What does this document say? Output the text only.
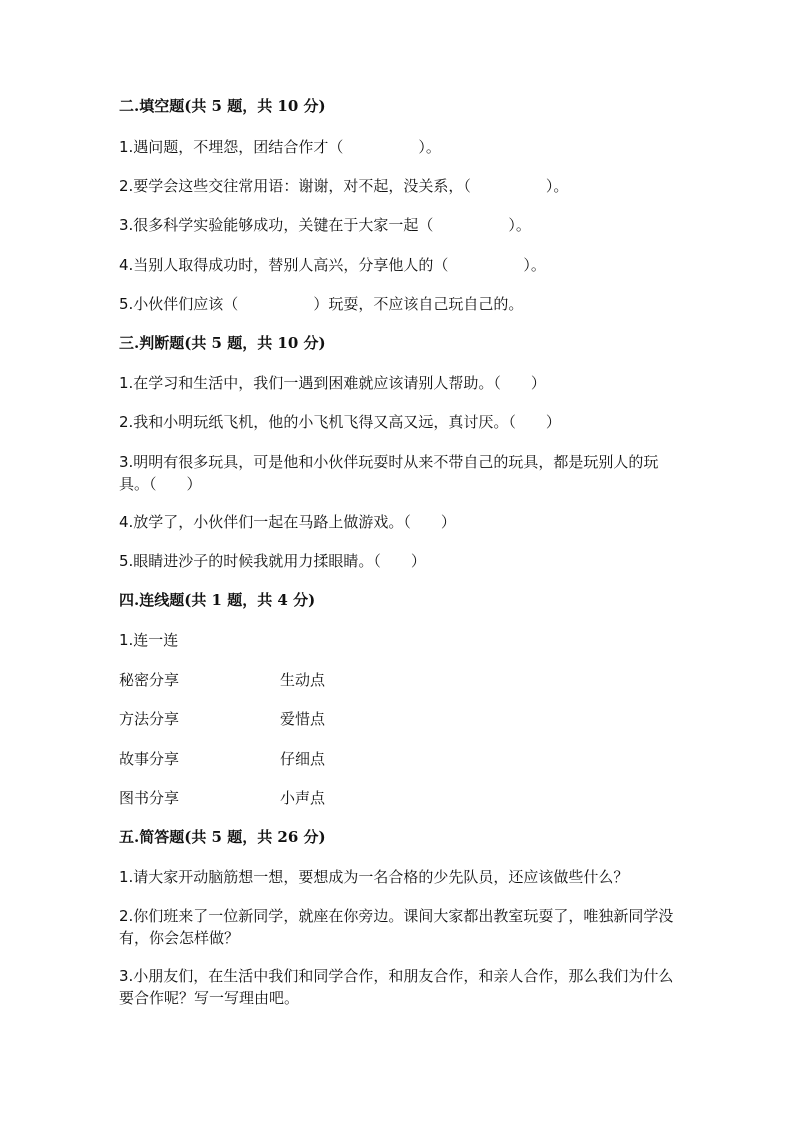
二.填空题(共 5 题，共 10 分)
1.遇问题，不埋怨，团结合作才（　　　　　）。
2.要学会这些交往常用语：谢谢，对不起，没关系，（　　　　　）。
3.很多科学实验能够成功，关键在于大家一起（　　　　　）。
4.当别人取得成功时，替别人高兴，分享他人的（　　　　　）。
5.小伙伴们应该（　　　　　）玩耍，不应该自己玩自己的。
三.判断题(共 5 题，共 10 分)
1.在学习和生活中，我们一遇到困难就应该请别人帮助。（　　）
2.我和小明玩纸飞机，他的小飞机飞得又高又远，真讨厌。（　　）
3.明明有很多玩具，可是他和小伙伴玩耍时从来不带自己的玩具，都是玩别人的玩具。（　　）
4.放学了，小伙伴们一起在马路上做游戏。（　　）
5.眼睛进沙子的时候我就用力揉眼睛。（　　）
四.连线题(共 1 题，共 4 分)
1.连一连
秘密分享	生动点
方法分享	爱惜点
故事分享	仔细点
图书分享	小声点
五.简答题(共 5 题，共 26 分)
1.请大家开动脑筋想一想，要想成为一名合格的少先队员，还应该做些什么？
2.你们班来了一位新同学，就座在你旁边。课间大家都出教室玩耍了，唯独新同学没有，你会怎样做？
3.小朋友们，在生活中我们和同学合作，和朋友合作，和亲人合作，那么我们为什么要合作呢？写一写理由吧。
